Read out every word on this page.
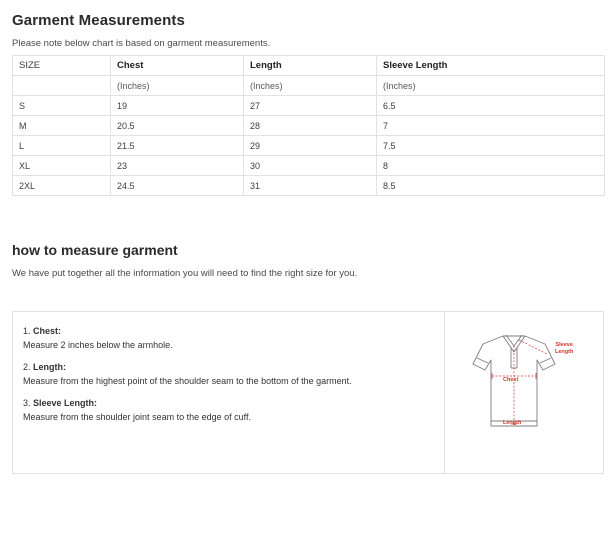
Garment Measurements

Please note below chart is based on garment measurements.

SIZE	Chest	Length	Sleeve Length
	(Inches)	(Inches)	(Inches)
S	19	27	6.5
M	20.5	28	7
L	21.5	29	7.5
XL	23	30	8
2XL	24.5	31	8.5
how to measure garment

We have put together all the information you will need to find the right size for you.

1. Chest:
Measure 2 inches below the armhole.
2. Length:
Measure from the highest point of the shoulder seam to the bottom of the garment.
3. Sleeve Length:
Measure from the shoulder joint seam to the edge of cuff.
Sleeve
Length
Chest
Length
